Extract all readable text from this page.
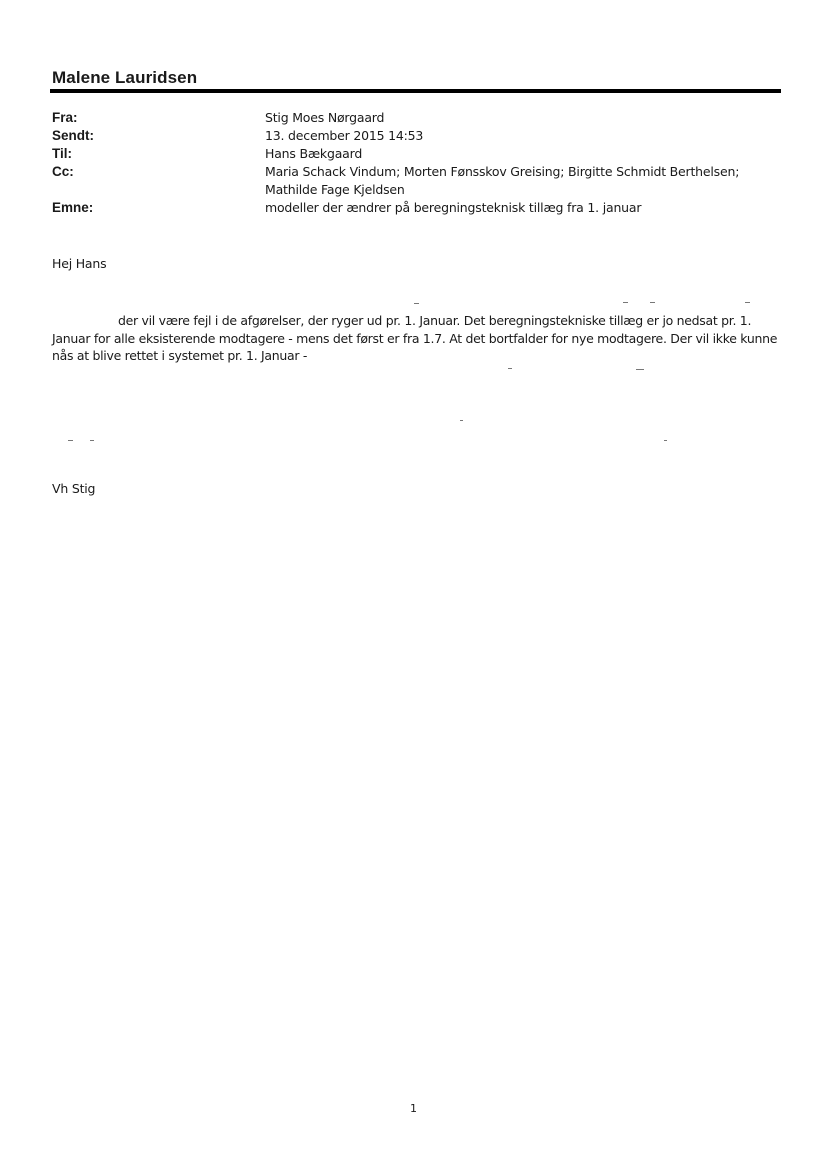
Malene Lauridsen
Fra:	Stig Moes Nørgaard
Sendt:	13. december 2015 14:53
Til:	Hans Bækgaard
Cc:	Maria Schack Vindum; Morten Fønsskov Greising; Birgitte Schmidt Berthelsen;
Mathilde Fage Kjeldsen
Emne:	modeller der ændrer på beregningsteknisk tillæg fra 1. januar
Hej Hans
der vil være fejl i de afgørelser, der ryger ud pr. 1. Januar. Det beregningstekniske tillæg er jo nedsat pr. 1. Januar for alle eksisterende modtagere - mens det først er fra 1.7. At det bortfalder for nye modtagere. Der vil ikke kunne nås at blive rettet i systemet pr. 1. Januar -
Vh Stig
1
